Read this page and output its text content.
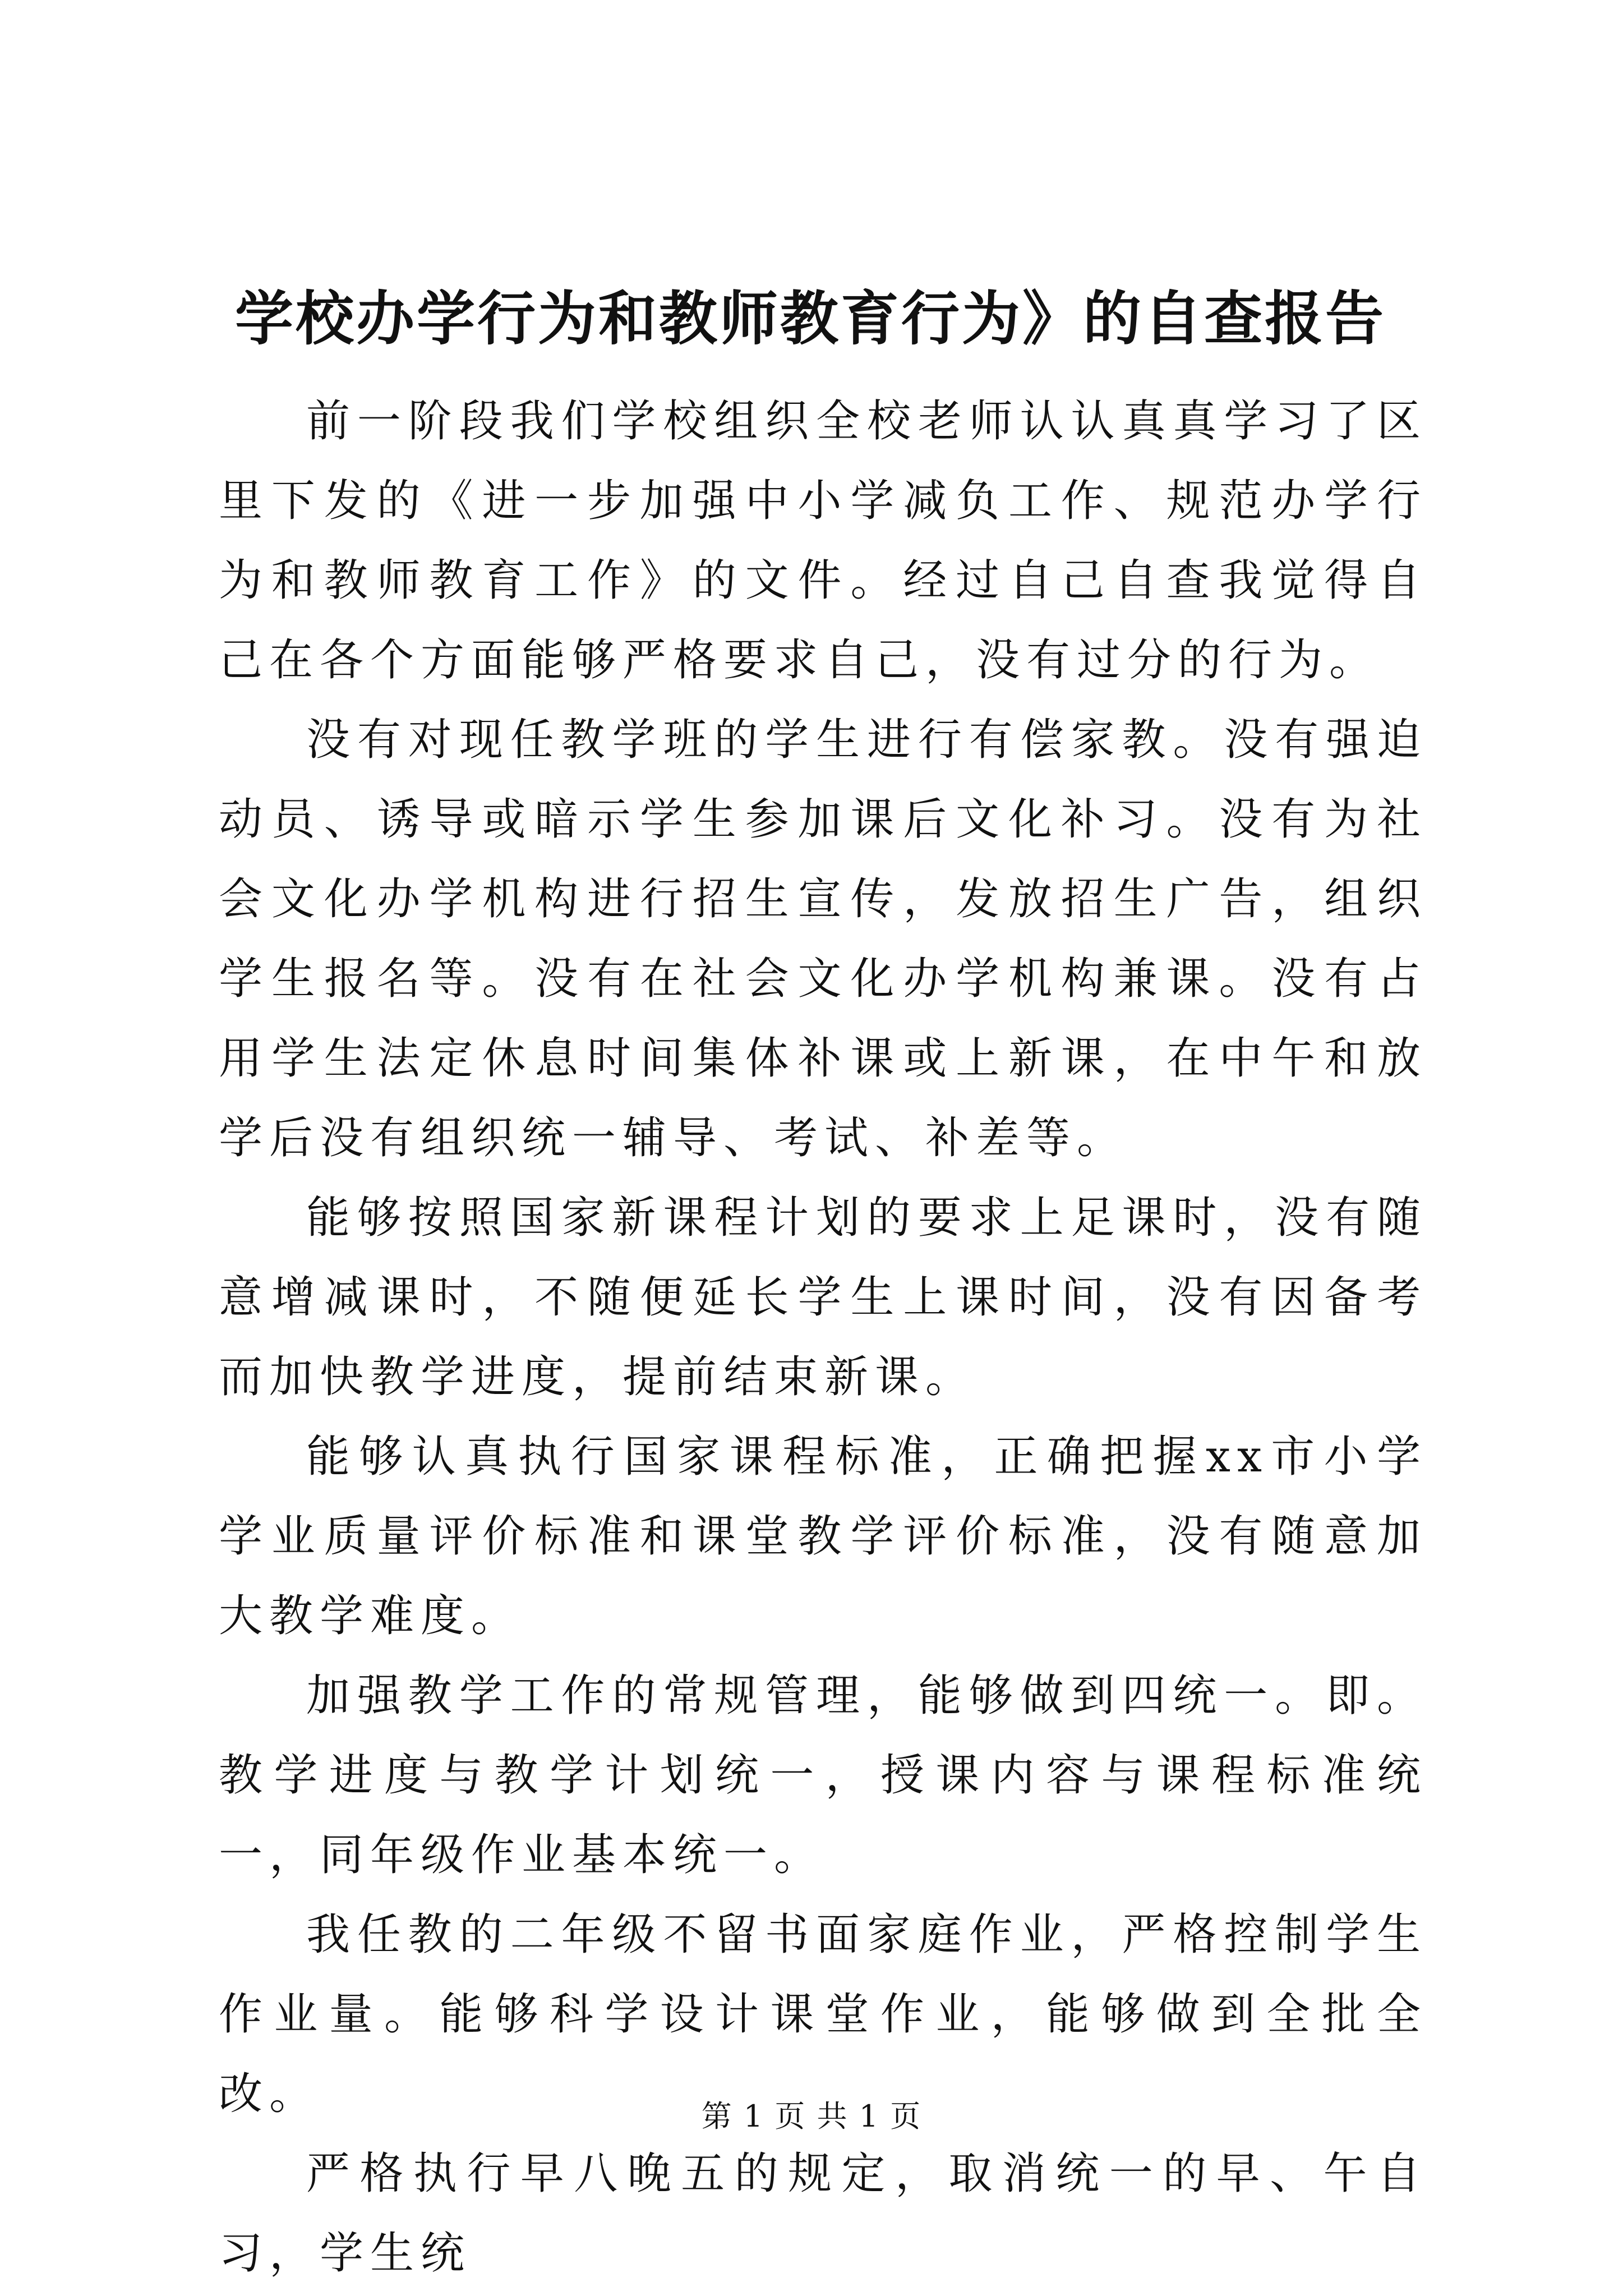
学校办学行为和教师教育行为》的自查报告

前一阶段我们学校组织全校老师认认真真学习了区里下发的《进一步加强中小学减负工作、规范办学行为和教师教育工作》的文件。经过自己自查我觉得自己在各个方面能够严格要求自己，没有过分的行为。

没有对现任教学班的学生进行有偿家教。没有强迫动员、诱导或暗示学生参加课后文化补习。没有为社会文化办学机构进行招生宣传，发放招生广告，组织学生报名等。没有在社会文化办学机构兼课。没有占用学生法定休息时间集体补课或上新课，在中午和放学后没有组织统一辅导、考试、补差等。

能够按照国家新课程计划的要求上足课时，没有随意增减课时，不随便延长学生上课时间，没有因备考而加快教学进度，提前结束新课。

能够认真执行国家课程标准，正确把握xx市小学学业质量评价标准和课堂教学评价标准，没有随意加大教学难度。

加强教学工作的常规管理，能够做到四统一。即。教学进度与教学计划统一，授课内容与课程标准统一，同年级作业基本统一。

我任教的二年级不留书面家庭作业，严格控制学生作业量。能够科学设计课堂作业，能够做到全批全改。

严格执行早八晚五的规定，取消统一的早、午自习，学生统

第 1 页 共 1 页
